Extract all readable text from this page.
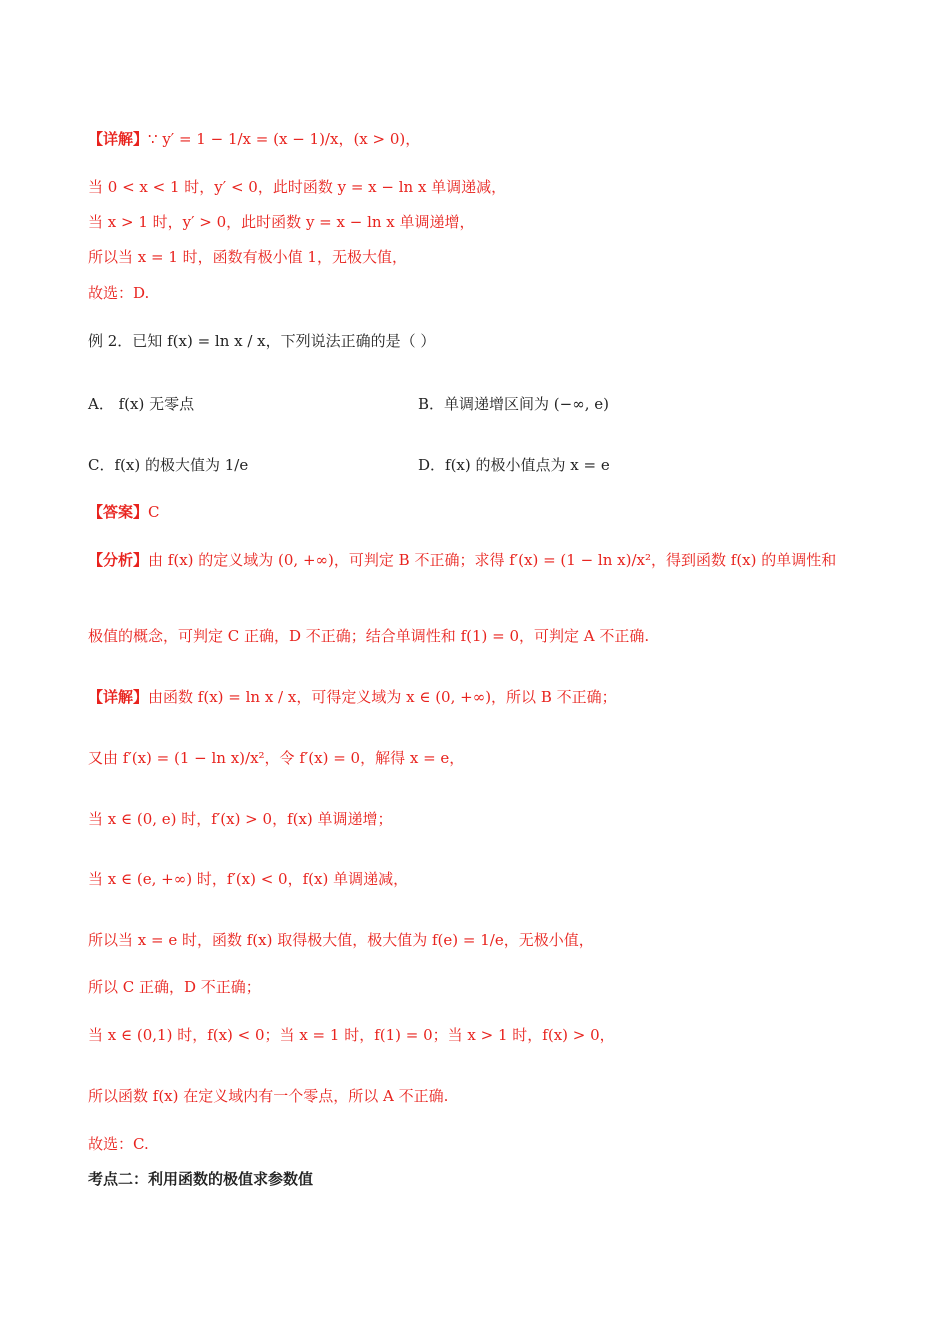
【详解】∵ y′ = 1 − 1/x = (x − 1)/x，(x > 0)，
当 0 < x < 1 时，y′ < 0，此时函数 y = x − ln x 单调递减，
当 x > 1 时，y′ > 0，此时函数 y = x − ln x 单调递增，
所以当 x = 1 时，函数有极小值 1，无极大值，
故选：D.
例 2．已知 f(x) = ln x / x，下列说法正确的是（ ）
A． f(x) 无零点	B．单调递增区间为 (−∞, e)
C．f(x) 的极大值为 1/e	D．f(x) 的极小值点为 x = e
【答案】C
【分析】由 f(x) 的定义域为 (0, +∞)，可判定 B 不正确；求得 f′(x) = (1 − ln x)/x²，得到函数 f(x) 的单调性和
极值的概念，可判定 C 正确，D 不正确；结合单调性和 f(1) = 0，可判定 A 不正确.
【详解】由函数 f(x) = ln x / x，可得定义域为 x ∈ (0, +∞)，所以 B 不正确；
又由 f′(x) = (1 − ln x)/x²，令 f′(x) = 0，解得 x = e，
当 x ∈ (0, e) 时，f′(x) > 0，f(x) 单调递增；
当 x ∈ (e, +∞) 时，f′(x) < 0，f(x) 单调递减，
所以当 x = e 时，函数 f(x) 取得极大值，极大值为 f(e) = 1/e，无极小值，
所以 C 正确，D 不正确；
当 x ∈ (0,1) 时，f(x) < 0；当 x = 1 时，f(1) = 0；当 x > 1 时，f(x) > 0，
所以函数 f(x) 在定义域内有一个零点，所以 A 不正确.
故选：C.
考点二：利用函数的极值求参数值
